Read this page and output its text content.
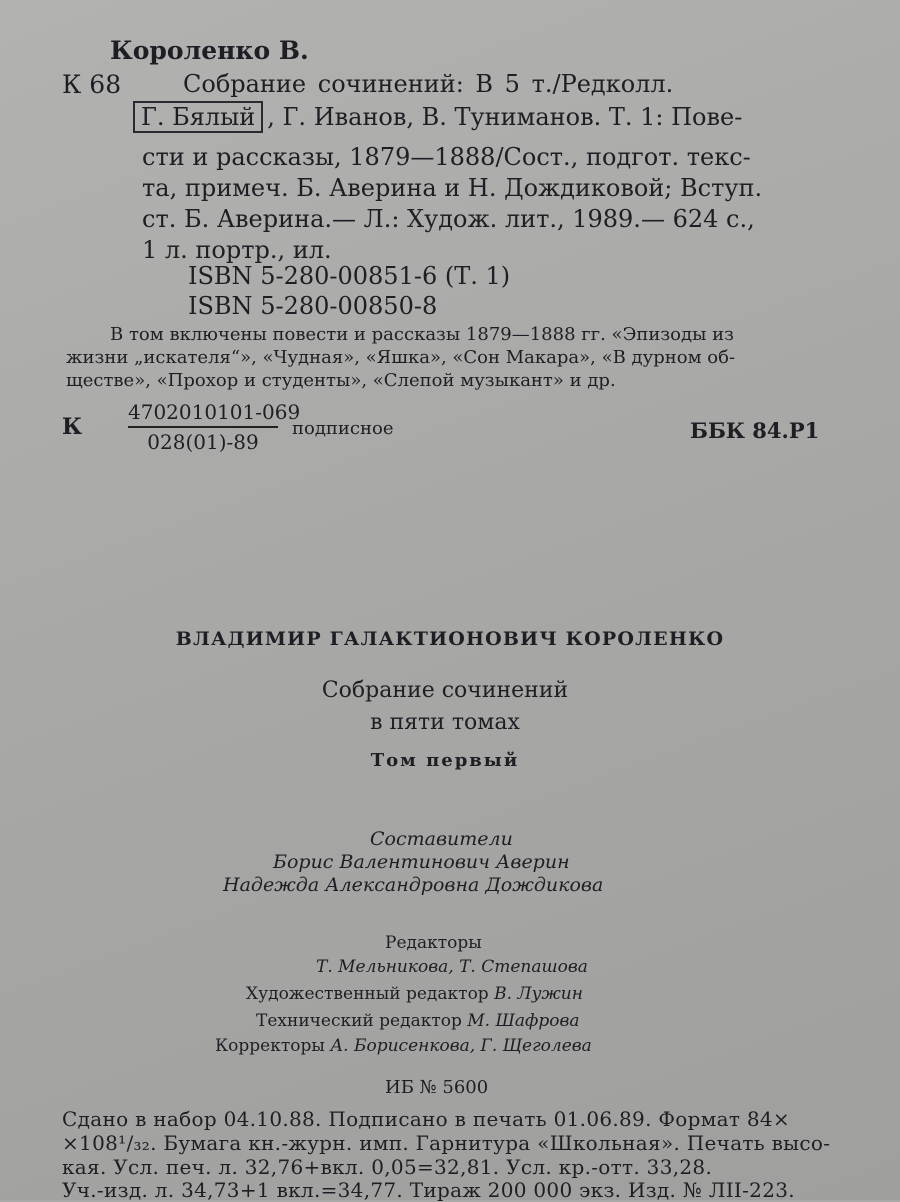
Короленко В.
К 68	Собрание сочинений: В 5 т./Редколл.
Г. Бялый , Г. Иванов, В. Туниманов. Т. 1: Пове-
сти и рассказы, 1879—1888/Сост., подгот. текс-
та, примеч. Б. Аверина и Н. Дождиковой; Вступ.
ст. Б. Аверина.— Л.: Худож. лит., 1989.— 624 с.,
1 л. портр., ил.
ISBN 5-280-00851-6 (Т. 1)
ISBN 5-280-00850-8
В том включены повести и рассказы 1879—1888 гг. «Эпизоды из
жизни „искателя“», «Чудная», «Яшка», «Сон Макара», «В дурном об-
ществе», «Прохор и студенты», «Слепой музыкант» и др.
К $\frac{4702010101-069}{028(01)-89}$ подписное	ББК 84.Р1
ВЛАДИМИР ГАЛАКТИОНОВИЧ КОРОЛЕНКО
Собрание сочинений
в пяти томах
Том первый
Составители
Борис Валентинович Аверин
Надежда Александровна Дождикова
Редакторы
Т. Мельникова, Т. Степашова
Художественный редактор В. Лужин
Технический редактор М. Шафрова
Корректоры А. Борисенкова, Г. Щеголева
ИБ № 5600
Сдано в набор 04.10.88. Подписано в печать 01.06.89. Формат 84×
×108¹/₃₂. Бумага кн.-журн. имп. Гарнитура «Школьная». Печать высо-
кая. Усл. печ. л. 32,76+вкл. 0,05=32,81. Усл. кр.-отт. 33,28.
Уч.-изд. л. 34,73+1 вкл.=34,77. Тираж 200 000 экз. Изд. № ЛII-223.
